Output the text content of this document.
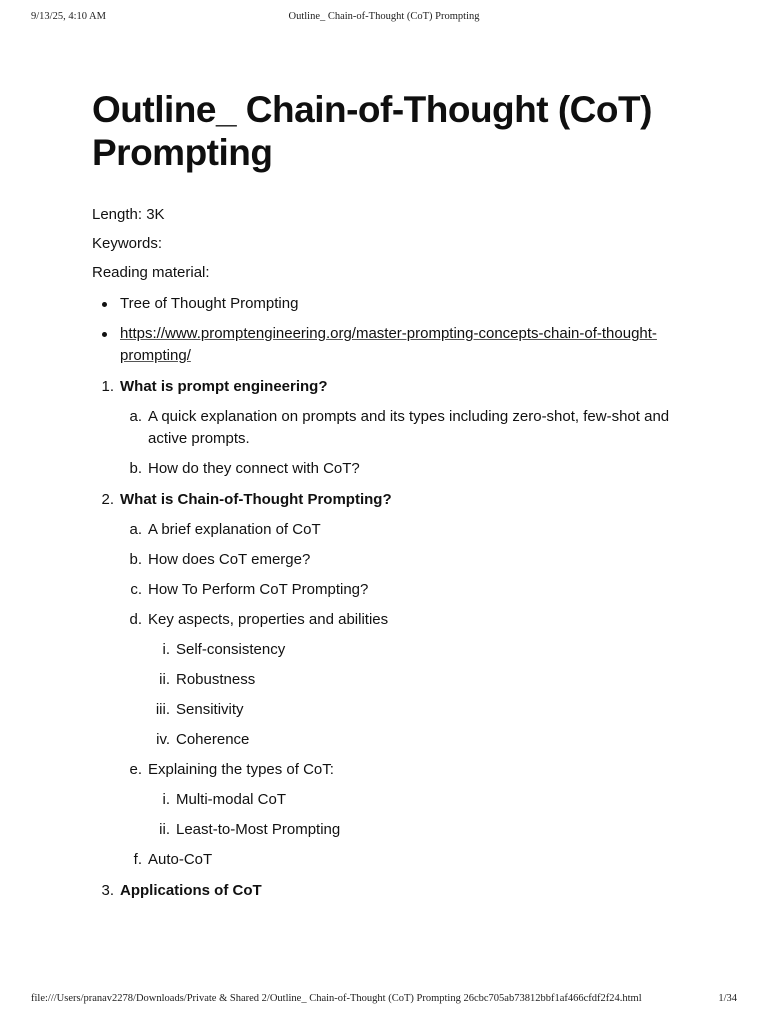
9/13/25, 4:10 AM	Outline_ Chain-of-Thought (CoT) Prompting
Outline_ Chain-of-Thought (CoT) Prompting

Length: 3K

Keywords:

Reading material:

Tree of Thought Prompting
https://www.promptengineering.org/master-prompting-concepts-chain-of-thought-prompting/
1. What is prompt engineering?
a. A quick explanation on prompts and its types including zero-shot, few-shot and active prompts.
b. How do they connect with CoT?
2. What is Chain-of-Thought Prompting?
a. A brief explanation of CoT
b. How does CoT emerge?
c. How To Perform CoT Prompting?
d. Key aspects, properties and abilities
i. Self-consistency
ii. Robustness
iii. Sensitivity
iv. Coherence
e. Explaining the types of CoT:
i. Multi-modal CoT
ii. Least-to-Most Prompting
f. Auto-CoT
3. Applications of CoT
file:///Users/pranav2278/Downloads/Private & Shared 2/Outline_ Chain-of-Thought (CoT) Prompting 26cbc705ab73812bbf1af466cfdf2f24.html	1/34
